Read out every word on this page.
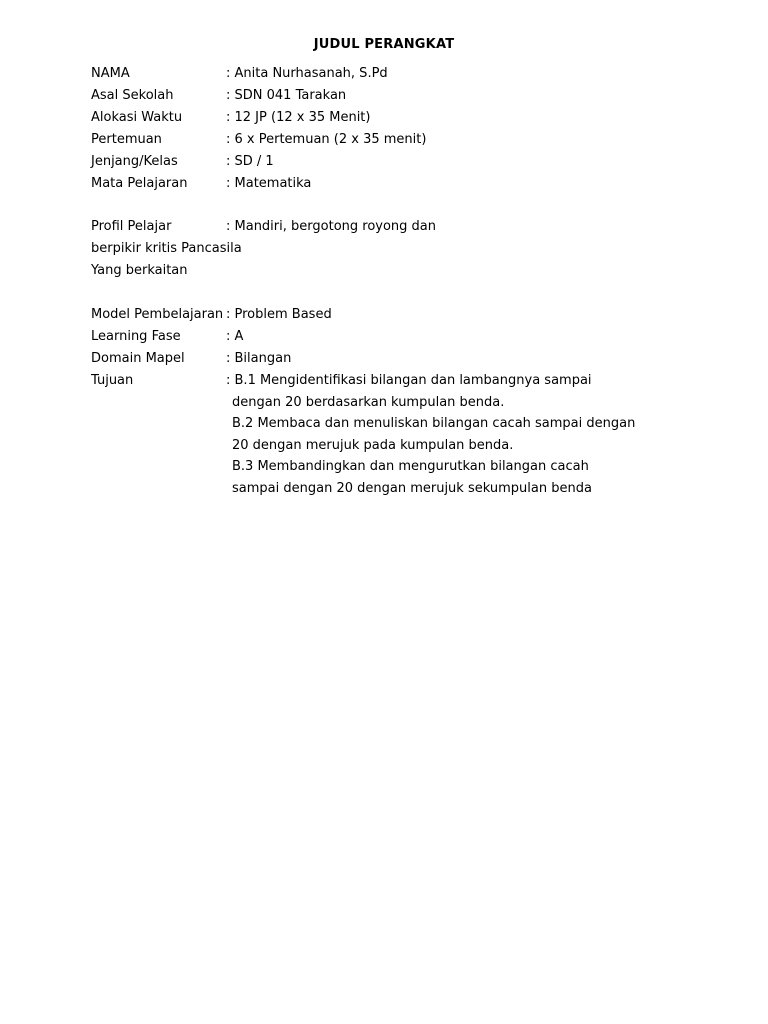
JUDUL PERANGKAT
NAMA	: Anita Nurhasanah, S.Pd
Asal Sekolah	: SDN 041 Tarakan
Alokasi Waktu	: 12 JP (12 x 35 Menit)
Pertemuan	: 6 x Pertemuan (2 x 35 menit)
Jenjang/Kelas	: SD / 1
Mata Pelajaran	: Matematika
Profil Pelajar	: Mandiri, bergotong royong dan
berpikir kritis Pancasila
Yang berkaitan
Model Pembelajaran : Problem Based
Learning Fase	: A
Domain Mapel	: Bilangan
Tujuan	: B.1 Mengidentifikasi bilangan dan lambangnya sampai
dengan 20 berdasarkan kumpulan benda.
B.2 Membaca dan menuliskan bilangan cacah sampai dengan
20 dengan merujuk pada kumpulan benda.
B.3 Membandingkan dan mengurutkan bilangan cacah
sampai dengan 20 dengan merujuk sekumpulan benda
